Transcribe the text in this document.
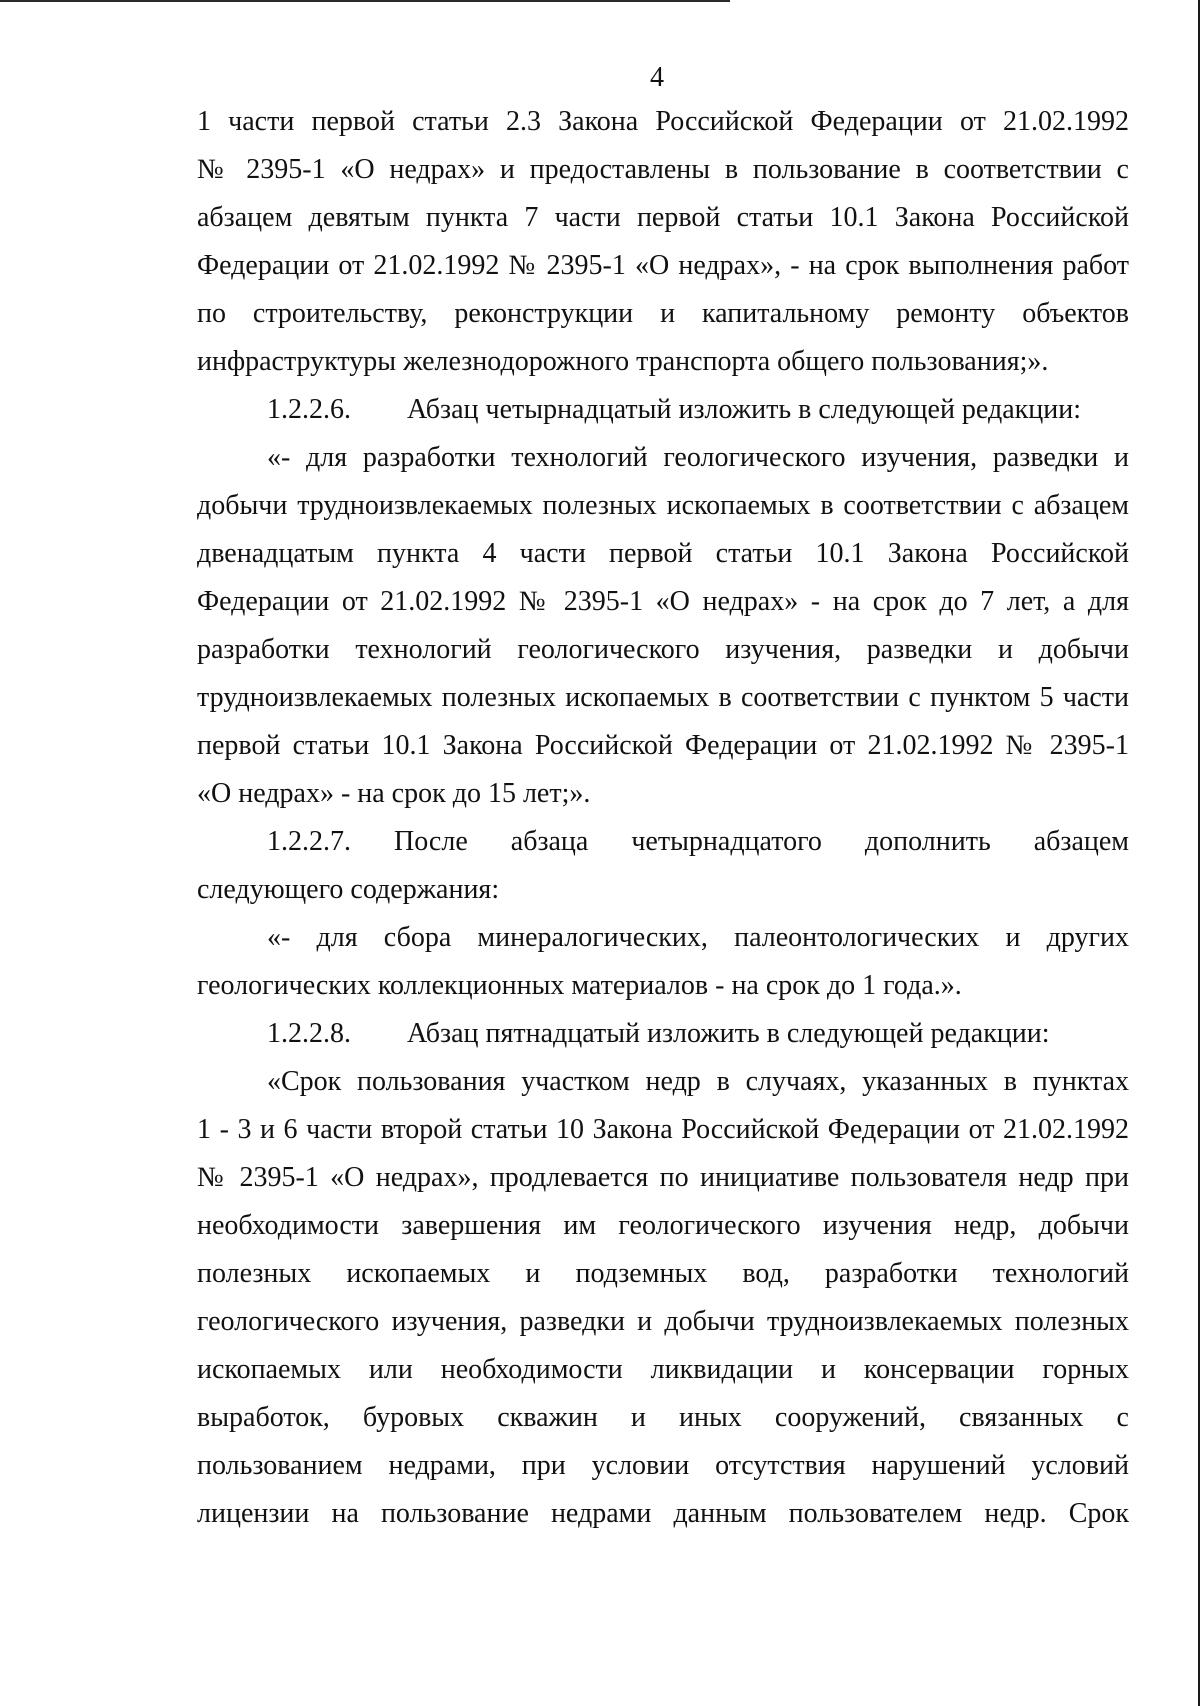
4
1 части первой статьи 2.3 Закона Российской Федерации от 21.02.1992
№ 2395-1 «О недрах» и предоставлены в пользование в соответствии с
абзацем девятым пункта 7 части первой статьи 10.1 Закона Российской
Федерации от 21.02.1992 № 2395-1 «О недрах», - на срок выполнения работ
по строительству, реконструкции и капитальному ремонту объектов
инфраструктуры железнодорожного транспорта общего пользования;».
1.2.2.6. Абзац четырнадцатый изложить в следующей редакции:
«- для разработки технологий геологического изучения, разведки и
добычи трудноизвлекаемых полезных ископаемых в соответствии с абзацем
двенадцатым пункта 4 части первой статьи 10.1 Закона Российской
Федерации от 21.02.1992 № 2395-1 «О недрах» - на срок до 7 лет, а для
разработки технологий геологического изучения, разведки и добычи
трудноизвлекаемых полезных ископаемых в соответствии с пунктом 5 части
первой статьи 10.1 Закона Российской Федерации от 21.02.1992 № 2395-1
«О недрах» - на срок до 15 лет;».
1.2.2.7. После абзаца четырнадцатого дополнить абзацем
следующего содержания:
«- для сбора минералогических, палеонтологических и других
геологических коллекционных материалов - на срок до 1 года.».
1.2.2.8. Абзац пятнадцатый изложить в следующей редакции:
«Срок пользования участком недр в случаях, указанных в пунктах
1 - 3 и 6 части второй статьи 10 Закона Российской Федерации от 21.02.1992
№ 2395-1 «О недрах», продлевается по инициативе пользователя недр при
необходимости завершения им геологического изучения недр, добычи
полезных ископаемых и подземных вод, разработки технологий
геологического изучения, разведки и добычи трудноизвлекаемых полезных
ископаемых или необходимости ликвидации и консервации горных
выработок, буровых скважин и иных сооружений, связанных с
пользованием недрами, при условии отсутствия нарушений условий
лицензии на пользование недрами данным пользователем недр. Срок
